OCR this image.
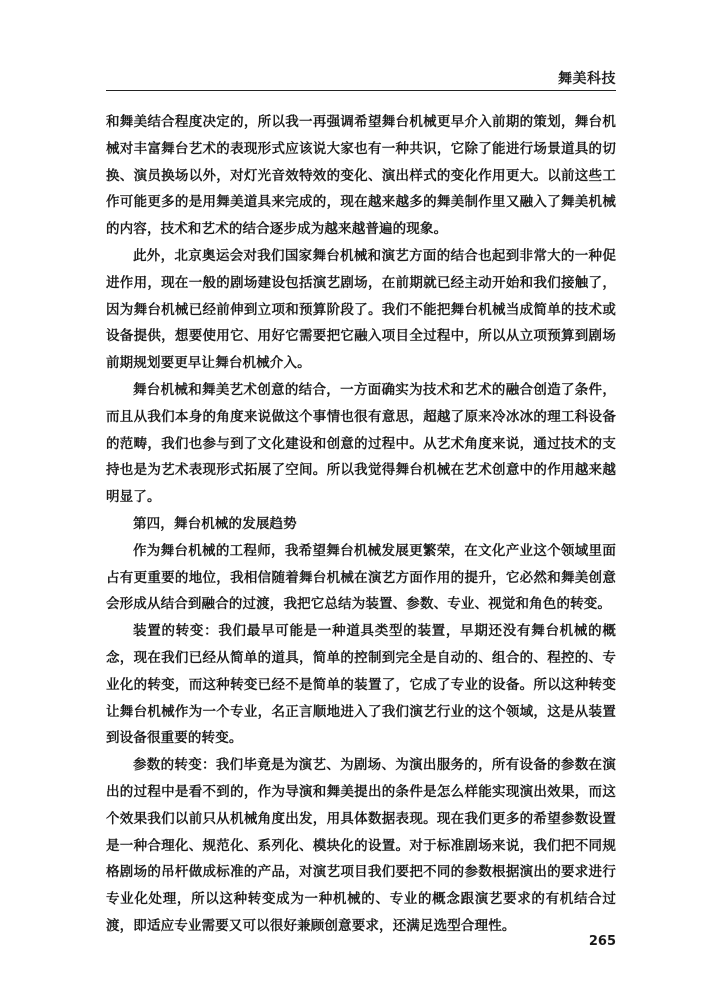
舞美科技

和舞美结合程度决定的，所以我一再强调希望舞台机械更早介入前期的策划，舞台机械对丰富舞台艺术的表现形式应该说大家也有一种共识，它除了能进行场景道具的切换、演员换场以外，对灯光音效特效的变化、演出样式的变化作用更大。以前这些工作可能更多的是用舞美道具来完成的，现在越来越多的舞美制作里又融入了舞美机械的内容，技术和艺术的结合逐步成为越来越普遍的现象。

此外，北京奥运会对我们国家舞台机械和演艺方面的结合也起到非常大的一种促进作用，现在一般的剧场建设包括演艺剧场，在前期就已经主动开始和我们接触了，因为舞台机械已经前伸到立项和预算阶段了。我们不能把舞台机械当成简单的技术或设备提供，想要使用它、用好它需要把它融入项目全过程中，所以从立项预算到剧场前期规划要更早让舞台机械介入。

舞台机械和舞美艺术创意的结合，一方面确实为技术和艺术的融合创造了条件，而且从我们本身的角度来说做这个事情也很有意思，超越了原来冷冰冰的理工科设备的范畴，我们也参与到了文化建设和创意的过程中。从艺术角度来说，通过技术的支持也是为艺术表现形式拓展了空间。所以我觉得舞台机械在艺术创意中的作用越来越明显了。

第四，舞台机械的发展趋势

作为舞台机械的工程师，我希望舞台机械发展更繁荣，在文化产业这个领域里面占有更重要的地位，我相信随着舞台机械在演艺方面作用的提升，它必然和舞美创意会形成从结合到融合的过渡，我把它总结为装置、参数、专业、视觉和角色的转变。

装置的转变：我们最早可能是一种道具类型的装置，早期还没有舞台机械的概念，现在我们已经从简单的道具，简单的控制到完全是自动的、组合的、程控的、专业化的转变，而这种转变已经不是简单的装置了，它成了专业的设备。所以这种转变让舞台机械作为一个专业，名正言顺地进入了我们演艺行业的这个领域，这是从装置到设备很重要的转变。

参数的转变：我们毕竟是为演艺、为剧场、为演出服务的，所有设备的参数在演出的过程中是看不到的，作为导演和舞美提出的条件是怎么样能实现演出效果，而这个效果我们以前只从机械角度出发，用具体数据表现。现在我们更多的希望参数设置是一种合理化、规范化、系列化、模块化的设置。对于标准剧场来说，我们把不同规格剧场的吊杆做成标准的产品，对演艺项目我们要把不同的参数根据演出的要求进行专业化处理，所以这种转变成为一种机械的、专业的概念跟演艺要求的有机结合过渡，即适应专业需要又可以很好兼顾创意要求，还满足选型合理性。

265
